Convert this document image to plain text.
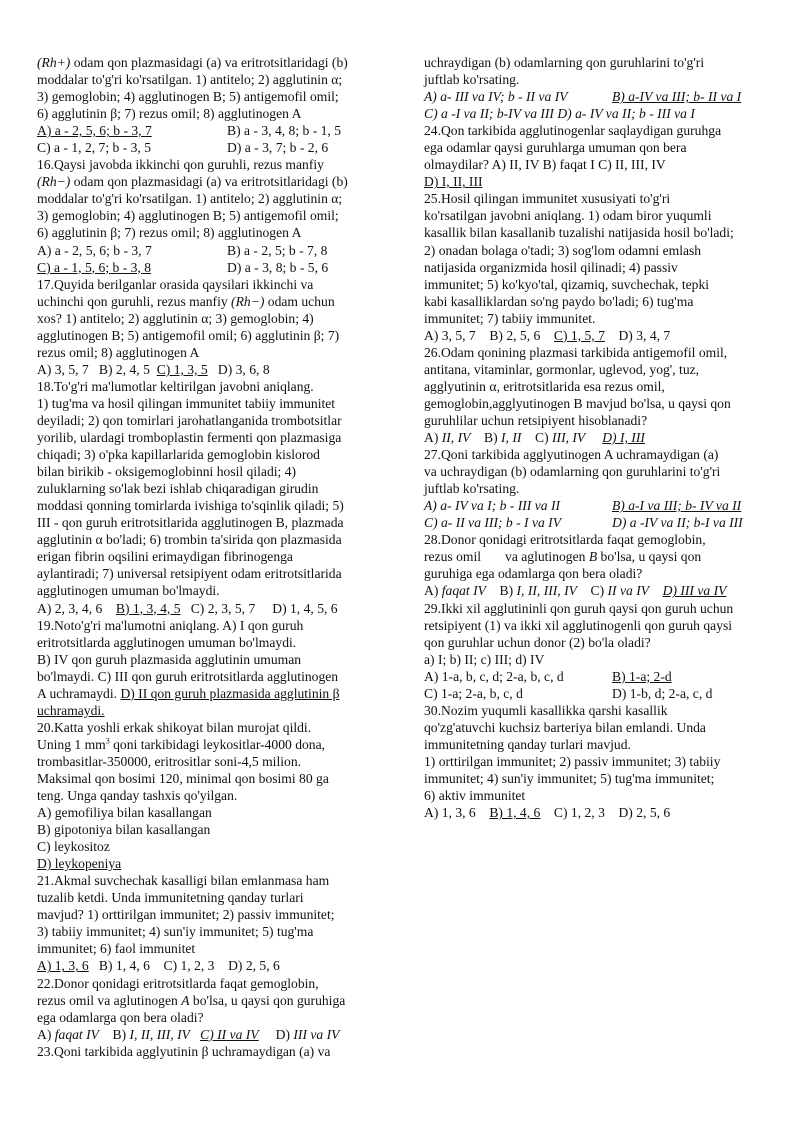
(Rh+) odam qon plazmasidagi (a) va eritrotsitlaridagi (b)

moddalar to'g'ri ko'rsatilgan. 1) antitelo; 2) agglutinin α;

3) gemoglobin; 4) agglutinogen B; 5) antigemofil omil;

6) agglutinin β; 7) rezus omil; 8) agglutinogen A

A) a - 2, 5, 6; b - 3, 7	B) a - 3, 4, 8; b - 1, 5
C) a - 1, 2, 7; b - 3, 5	D) a - 3, 7; b - 2, 6

16.Qaysi javobda ikkinchi qon guruhli, rezus manfiy

(Rh−) odam qon plazmasidagi (a) va eritrotsitlaridagi (b)

moddalar to'g'ri ko'rsatilgan. 1) antitelo; 2) agglutinin α;

3) gemoglobin; 4) agglutinogen B; 5) antigemofil omil;

6) agglutinin β; 7) rezus omil; 8) agglutinogen A

A) a - 2, 5, 6; b - 3, 7	B) a - 2, 5; b - 7, 8
C) a - 1, 5, 6; b - 3, 8	D) a - 3, 8; b - 5, 6

17.Quyida berilganlar orasida qaysilari ikkinchi va

uchinchi qon guruhli, rezus manfiy (Rh−) odam uchun

xos? 1) antitelo; 2) agglutinin α; 3) gemoglobin; 4)

agglutinogen B; 5) antigemofil omil; 6) agglutinin β; 7)

rezus omil; 8) agglutinogen A

A) 3, 5, 7   B) 2, 4, 5  C) 1, 3, 5   D) 3, 6, 8

18.To'g'ri ma'lumotlar keltirilgan javobni aniqlang.

1) tug'ma va hosil qilingan immunitet tabiiy immunitet

deyiladi; 2) qon tomirlari jarohatlanganida trombotsitlar

yorilib, ulardagi tromboplastin fermenti qon plazmasiga

chiqadi; 3) o'pka kapillarlarida gemoglobin kislorod

bilan birikib - oksigemoglobinni hosil qiladi; 4)

zuluklarning so'lak bezi ishlab chiqaradigan girudin

moddasi qonning tomirlarda ivishiga to'sqinlik qiladi; 5)

III - qon guruh eritrotsitlarida agglutinogen B, plazmada

agglutinin α bo'ladi; 6) trombin ta'sirida qon plazmasida

erigan fibrin oqsilini erimaydigan fibrinogenga

aylantiradi; 7) universal retsipiyent odam eritrotsitlarida

agglutinogen umuman bo'lmaydi.

A) 2, 3, 4, 6    B) 1, 3, 4, 5   C) 2, 3, 5, 7     D) 1, 4, 5, 6

19.Noto'g'ri ma'lumotni aniqlang. A) I qon guruh

eritrotsitlarda agglutinogen umuman bo'lmaydi.

B) IV qon guruh plazmasida agglutinin umuman

bo'lmaydi. C) III qon guruh eritrotsitlarda agglutinogen

A uchramaydi. D) II qon guruh plazmasida agglutinin β

uchramaydi.

20.Katta yoshli erkak shikoyat bilan murojat qildi.

Uning 1 $mm^3$ qoni tarkibidagi leykositlar-4000 dona,

trombasitlar-350000, eritrositlar soni-4,5 milion.

Maksimal qon bosimi 120, minimal qon bosimi 80 ga

teng. Unga qanday tashxis qo'yilgan.

A) gemofiliya bilan kasallangan

B) gipotoniya bilan kasallangan

C) leykositoz

D) leykopeniya

21.Akmal suvchechak kasalligi bilan emlanmasa ham

tuzalib ketdi. Unda immunitetning qanday turlari

mavjud? 1) orttirilgan immunitet; 2) passiv immunitet;

3) tabiiy immunitet; 4) sun'iy immunitet; 5) tug'ma

immunitet; 6) faol immunitet

A) 1, 3, 6   B) 1, 4, 6    C) 1, 2, 3    D) 2, 5, 6

22.Donor qonidagi eritrotsitlarda faqat gemoglobin,

rezus omil va aglutinogen A bo'lsa, u qaysi qon guruhiga

ega odamlarga qon bera oladi?

A) faqat IV    B) I, II, III, IV C) II va IV     D) III va IV

23.Qoni tarkibida agglyutinin β uchramaydigan (a) va

uchraydigan (b) odamlarning qon guruhlarini to'g'ri

juftlab ko'rsating.

A) a- III va IV; b - II va IV	B) a-IV va III; b- II va I

C) a -I va II; b-IV va III D) a- IV va II; b - III va I

24.Qon tarkibida agglutinogenlar saqlaydigan guruhga

ega odamlar qaysi guruhlarga umuman qon bera

olmaydilar? A) II, IV B) faqat I C) II, III, IV

D) I, II, III

25.Hosil qilingan immunitet xususiyati to'g'ri

ko'rsatilgan javobni aniqlang. 1) odam biror yuqumli

kasallik bilan kasallanib tuzalishi natijasida hosil bo'ladi;

2) onadan bolaga o'tadi; 3) sog'lom odamni emlash

natijasida organizmida hosil qilinadi; 4) passiv

immunitet; 5) ko'kyo'tal, qizamiq, suvchechak, tepki

kabi kasalliklardan so'ng paydo bo'ladi; 6) tug'ma

immunitet; 7) tabiiy immunitet.

A) 3, 5, 7    B) 2, 5, 6    C) 1, 5, 7    D) 3, 4, 7

26.Odam qonining plazmasi tarkibida antigemofil omil,

antitana, vitaminlar, gormonlar, uglevod, yog', tuz,

agglyutinin α, eritrotsitlarida esa rezus omil,

gemoglobin,agglyutinogen B mavjud bo'lsa, u qaysi qon

guruhlilar uchun retsipiyent hisoblanadi?

A) II, IV    B) I, II    C) III, IV D) I, III

27.Qoni tarkibida agglyutinogen A uchramaydigan (a)

va uchraydigan (b) odamlarning qon guruhlarini to'g'ri

juftlab ko'rsating.

A) a- IV va I; b - III va II	B) a-I va III; b- IV va II
C) a- II va III; b - I va IV	D) a -IV va II; b-I va III

28.Donor qonidagi eritrotsitlarda faqat gemoglobin,

rezus omil va aglutinogen B bo'lsa, u qaysi qon

guruhiga ega odamlarga qon bera oladi?

A) faqat IV    B) I, II, III, IV    C) II va IV D) III va IV

29.Ikki xil agglutininli qon guruh qaysi qon guruh uchun

retsipiyent (1) va ikki xil agglutinogenli qon guruh qaysi

qon guruhlar uchun donor (2) bo'la oladi?

a) I; b) II; c) III; d) IV

A) 1-a, b, c, d; 2-a, b, c, d	B) 1-a; 2-d
C) 1-a; 2-a, b, c, d	D) 1-b, d; 2-a, c, d

30.Nozim yuqumli kasallikka qarshi kasallik

qo'zg'atuvchi kuchsiz barteriya bilan emlandi. Unda

immunitetning qanday turlari mavjud.

1) orttirilgan immunitet; 2) passiv immunitet; 3) tabiiy

immunitet; 4) sun'iy immunitet; 5) tug'ma immunitet;

6) aktiv immunitet

A) 1, 3, 6    B) 1, 4, 6    C) 1, 2, 3    D) 2, 5, 6
